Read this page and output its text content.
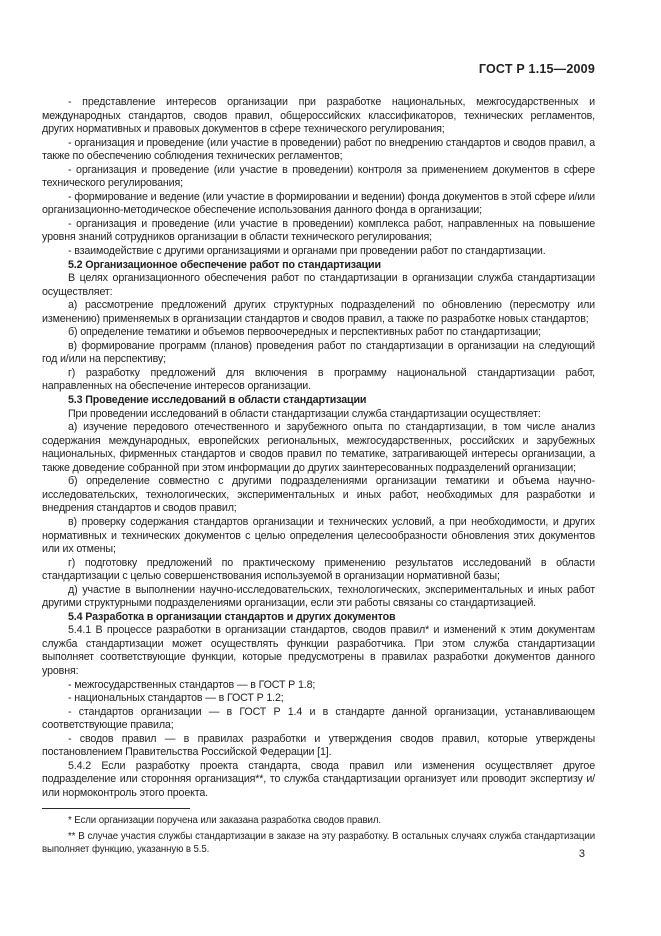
ГОСТ Р 1.15—2009

- представление интересов организации при разработке национальных, межгосударственных и международных стандартов, сводов правил, общероссийских классификаторов, технических регламентов, других нормативных и правовых документов в сфере технического регулирования;

- организация и проведение (или участие в проведении) работ по внедрению стандартов и сводов правил, а также по обеспечению соблюдения технических регламентов;

- организация и проведение (или участие в проведении) контроля за применением документов в сфере технического регулирования;

- формирование и ведение (или участие в формировании и ведении) фонда документов в этой сфере и/или организационно-методическое обеспечение использования данного фонда в организации;

- организация и проведение (или участие в проведении) комплекса работ, направленных на повышение уровня знаний сотрудников организации в области технического регулирования;

- взаимодействие с другими организациями и органами при проведении работ по стандартизации.

5.2 Организационное обеспечение работ по стандартизации

В целях организационного обеспечения работ по стандартизации в организации служба стандартизации осуществляет:

а) рассмотрение предложений других структурных подразделений по обновлению (пересмотру или изменению) применяемых в организации стандартов и сводов правил, а также по разработке новых стандартов;

б) определение тематики и объемов первоочередных и перспективных работ по стандартизации;

в) формирование программ (планов) проведения работ по стандартизации в организации на следующий год и/или на перспективу;

г) разработку предложений для включения в программу национальной стандартизации работ, направленных на обеспечение интересов организации.

5.3 Проведение исследований в области стандартизации

При проведении исследований в области стандартизации служба стандартизации осуществляет:

а) изучение передового отечественного и зарубежного опыта по стандартизации, в том числе анализ содержания международных, европейских региональных, межгосударственных, российских и зарубежных национальных, фирменных стандартов и сводов правил по тематике, затрагивающей интересы организации, а также доведение собранной при этом информации до других заинтересованных подразделений организации;

б) определение совместно с другими подразделениями организации тематики и объема научно-исследовательских, технологических, экспериментальных и иных работ, необходимых для разработки и внедрения стандартов и сводов правил;

в) проверку содержания стандартов организации и технических условий, а при необходимости, и других нормативных и технических документов с целью определения целесообразности обновления этих документов или их отмены;

г) подготовку предложений по практическому применению результатов исследований в области стандартизации с целью совершенствования используемой в организации нормативной базы;

д) участие в выполнении научно-исследовательских, технологических, экспериментальных и иных работ другими структурными подразделениями организации, если эти работы связаны со стандартизацией.

5.4 Разработка в организации стандартов и других документов

5.4.1 В процессе разработки в организации стандартов, сводов правил* и изменений к этим документам служба стандартизации может осуществлять функции разработчика. При этом служба стандартизации выполняет соответствующие функции, которые предусмотрены в правилах разработки документов данного уровня:

- межгосударственных стандартов — в ГОСТ Р 1.8;

- национальных стандартов — в ГОСТ Р 1.2;

- стандартов организации — в ГОСТ Р 1.4 и в стандарте данной организации, устанавливающем соответствующие правила;

- сводов правил — в правилах разработки и утверждения сводов правил, которые утверждены постановлением Правительства Российской Федерации [1].

5.4.2 Если разработку проекта стандарта, свода правил или изменения осуществляет другое подразделение или сторонняя организация**, то служба стандартизации организует или проводит экспертизу и/или нормоконтроль этого проекта.

* Если организации поручена или заказана разработка сводов правил.

** В случае участия службы стандартизации в заказе на эту разработку. В остальных случаях служба стандартизации выполняет функцию, указанную в 5.5.	3
